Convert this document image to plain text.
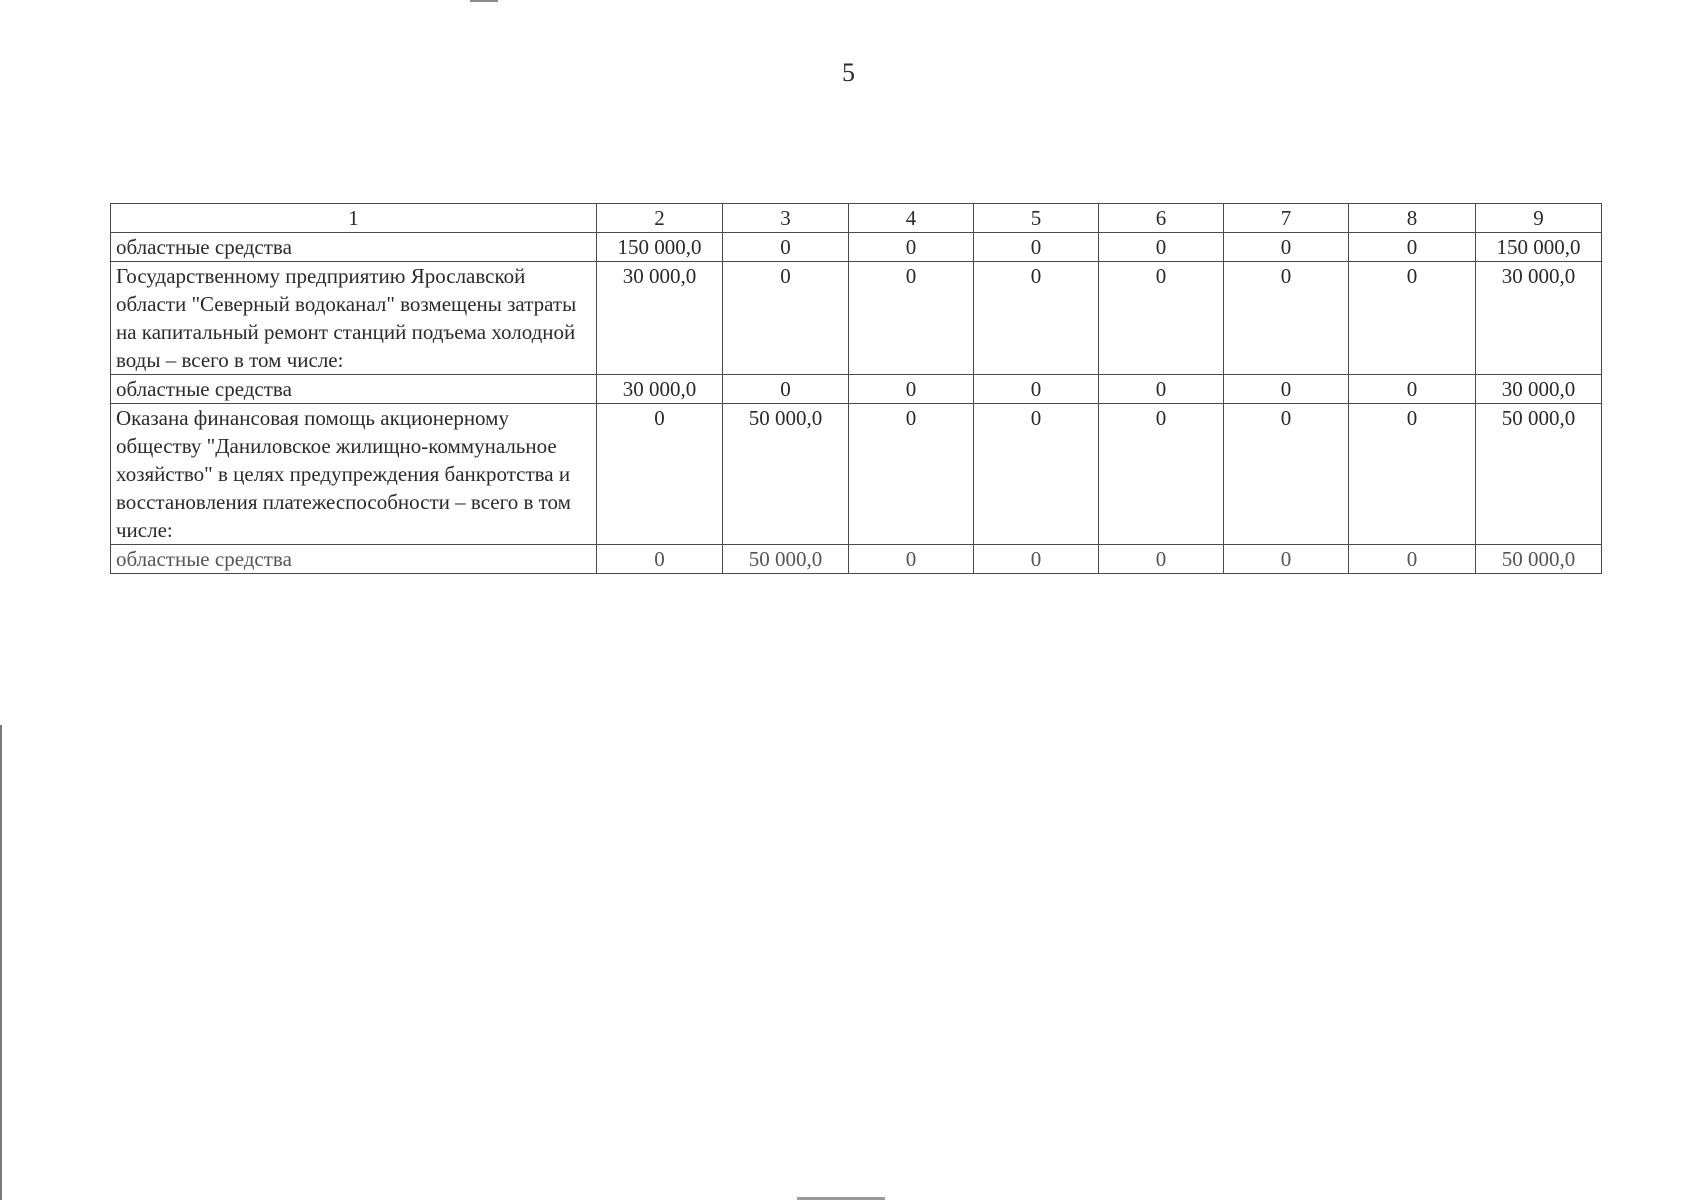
5
1	2	3	4	5	6	7	8	9
областные средства	150 000,0	0	0	0	0	0	0	150 000,0
Государственному предприятию Ярославской области "Северный водоканал" возмещены затраты на капитальный ремонт станций подъема холодной воды – всего в том числе:	30 000,0	0	0	0	0	0	0	30 000,0
областные средства	30 000,0	0	0	0	0	0	0	30 000,0
Оказана финансовая помощь акционерному обществу "Даниловское жилищно-коммунальное хозяйство" в целях предупреждения банкротства и восстановления платежеспособности – всего в том числе:	0	50 000,0	0	0	0	0	0	50 000,0
областные средства	0	50 000,0	0	0	0	0	0	50 000,0
